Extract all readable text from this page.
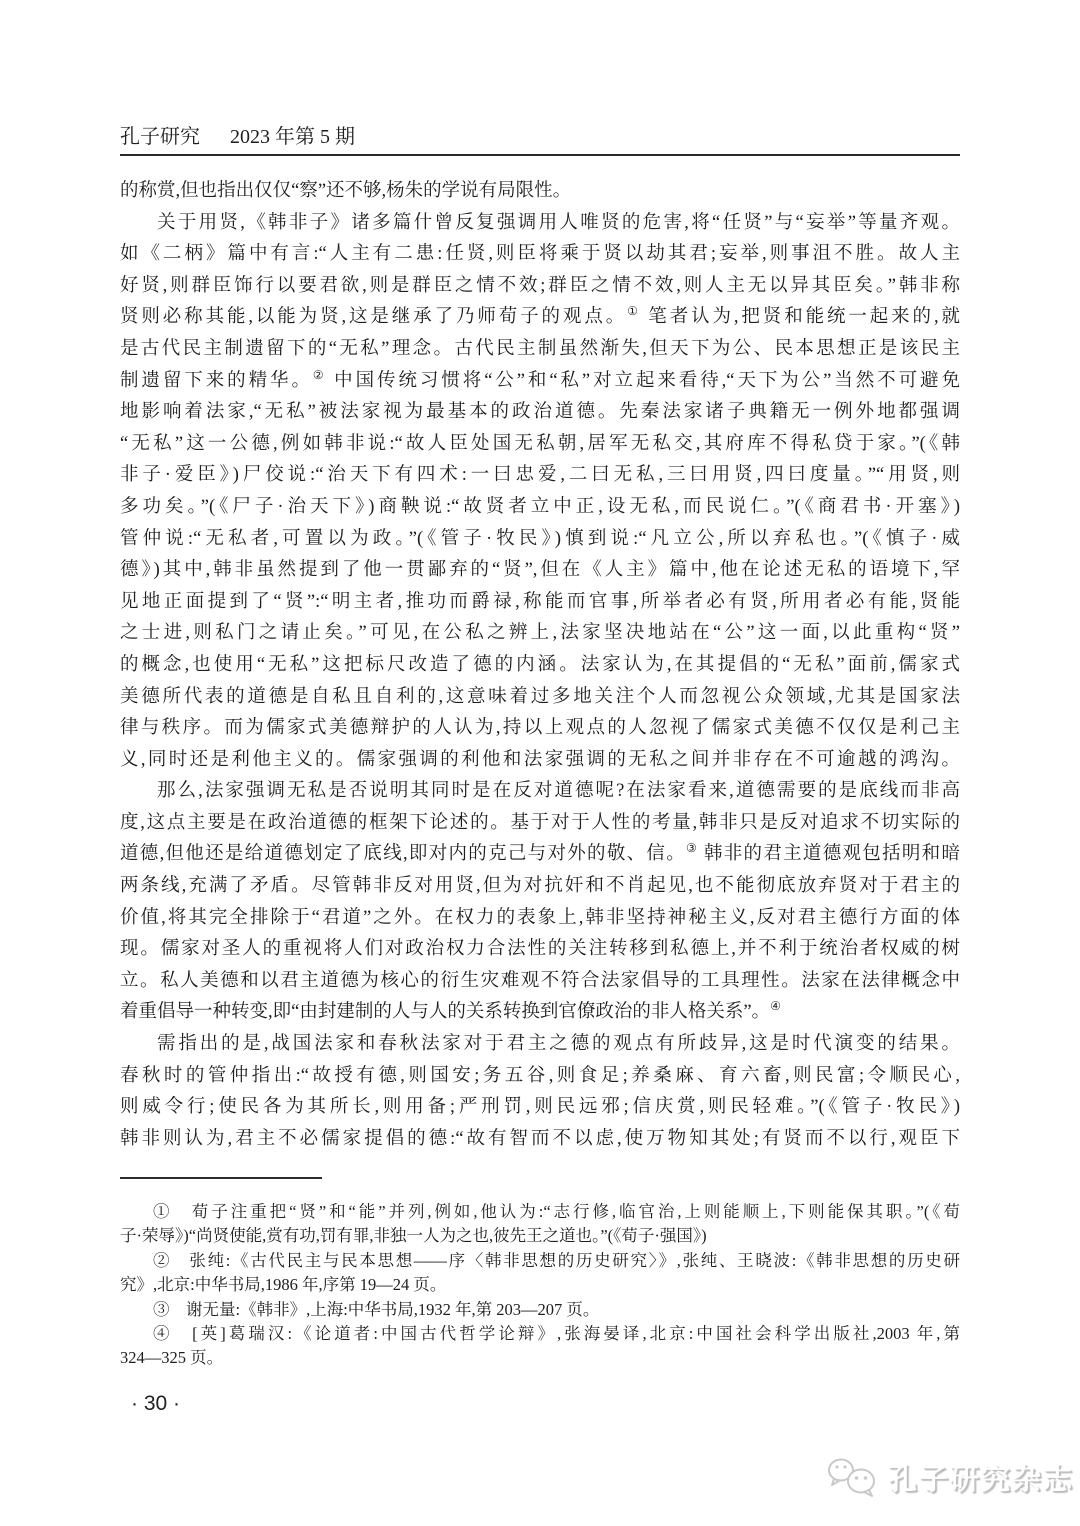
孔子研究 2023 年第 5 期
的称赏,但也指出仅仅“察”还不够,杨朱的学说有局限性。
关于用贤,《韩非子》诸多篇什曾反复强调用人唯贤的危害,将“任贤”与“妄举”等量齐观。
如《二柄》篇中有言:“人主有二患:任贤,则臣将乘于贤以劫其君;妄举,则事沮不胜。故人主
好贤,则群臣饰行以要君欲,则是群臣之情不效;群臣之情不效,则人主无以异其臣矣。”韩非称
贤则必称其能,以能为贤,这是继承了乃师荀子的观点。① 笔者认为,把贤和能统一起来的,就
是古代民主制遗留下的“无私”理念。古代民主制虽然渐失,但天下为公、民本思想正是该民主
制遗留下来的精华。② 中国传统习惯将“公”和“私”对立起来看待,“天下为公”当然不可避免
地影响着法家,“无私”被法家视为最基本的政治道德。先秦法家诸子典籍无一例外地都强调
“无私”这一公德,例如韩非说:“故人臣处国无私朝,居军无私交,其府库不得私贷于家。”(《韩
非子·爱臣》)尸佼说:“治天下有四术:一曰忠爱,二曰无私,三曰用贤,四曰度量。”“用贤,则
多功矣。”(《尸子·治天下》)商鞅说:“故贤者立中正,设无私,而民说仁。”(《商君书·开塞》)
管仲说:“无私者,可置以为政。”(《管子·牧民》)慎到说:“凡立公,所以弃私也。”(《慎子·威
德》)其中,韩非虽然提到了他一贯鄙弃的“贤”,但在《人主》篇中,他在论述无私的语境下,罕
见地正面提到了“贤”:“明主者,推功而爵禄,称能而官事,所举者必有贤,所用者必有能,贤能
之士进,则私门之请止矣。”可见,在公私之辨上,法家坚决地站在“公”这一面,以此重构“贤”
的概念,也使用“无私”这把标尺改造了德的内涵。法家认为,在其提倡的“无私”面前,儒家式
美德所代表的道德是自私且自利的,这意味着过多地关注个人而忽视公众领域,尤其是国家法
律与秩序。而为儒家式美德辩护的人认为,持以上观点的人忽视了儒家式美德不仅仅是利己主
义,同时还是利他主义的。儒家强调的利他和法家强调的无私之间并非存在不可逾越的鸿沟。
那么,法家强调无私是否说明其同时是在反对道德呢?在法家看来,道德需要的是底线而非高
度,这点主要是在政治道德的框架下论述的。基于对于人性的考量,韩非只是反对追求不切实际的
道德,但他还是给道德划定了底线,即对内的克己与对外的敬、信。③ 韩非的君主道德观包括明和暗
两条线,充满了矛盾。尽管韩非反对用贤,但为对抗奸和不肖起见,也不能彻底放弃贤对于君主的
价值,将其完全排除于“君道”之外。在权力的表象上,韩非坚持神秘主义,反对君主德行方面的体
现。儒家对圣人的重视将人们对政治权力合法性的关注转移到私德上,并不利于统治者权威的树
立。私人美德和以君主道德为核心的衍生灾难观不符合法家倡导的工具理性。法家在法律概念中
着重倡导一种转变,即“由封建制的人与人的关系转换到官僚政治的非人格关系”。④
需指出的是,战国法家和春秋法家对于君主之德的观点有所歧异,这是时代演变的结果。
春秋时的管仲指出:“故授有德,则国安;务五谷,则食足;养桑麻、育六畜,则民富;令顺民心,
则威令行;使民各为其所长,则用备;严刑罚,则民远邪;信庆赏,则民轻难。”(《管子·牧民》)
韩非则认为,君主不必儒家提倡的德:“故有智而不以虑,使万物知其处;有贤而不以行,观臣下
①　荀子注重把“贤”和“能”并列,例如,他认为:“志行修,临官治,上则能顺上,下则能保其职。”(《荀
子·荣辱》)“尚贤使能,赏有功,罚有罪,非独一人为之也,彼先王之道也。”(《荀子·强国》)
②　张纯:《古代民主与民本思想——序〈韩非思想的历史研究〉》,张纯、王晓波:《韩非思想的历史研
究》,北京:中华书局,1986 年,序第 19—24 页。
③　谢无量:《韩非》,上海:中华书局,1932 年,第 203—207 页。
④　[英]葛瑞汉:《论道者:中国古代哲学论辩》,张海晏译,北京:中国社会科学出版社,2003 年,第
324—325 页。
· 30 ·
孔子研究杂志
